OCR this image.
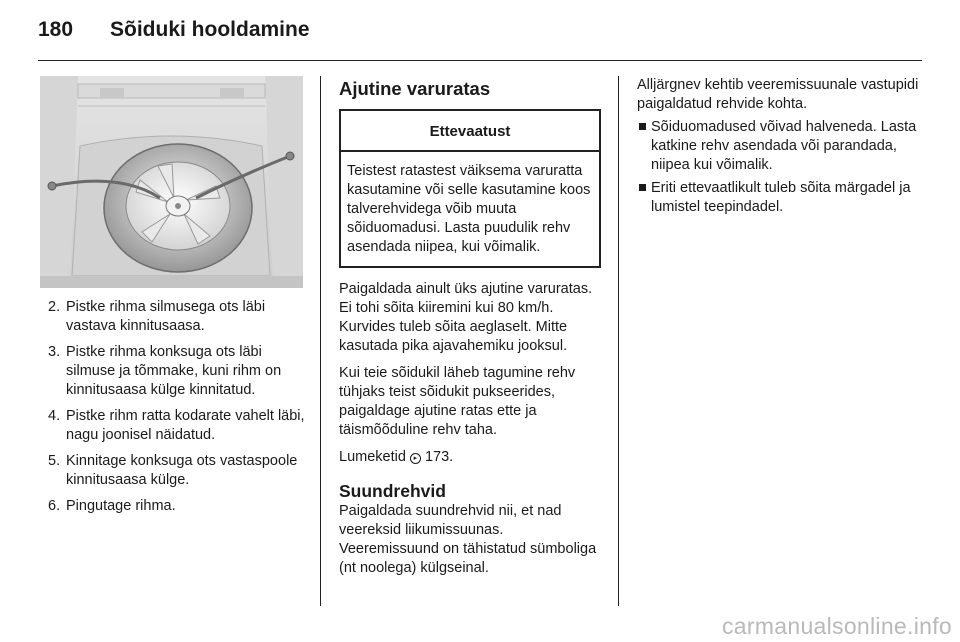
180	Sõiduki hooldamine
2. Pistke rihma silmusega ots läbi vastava kinnitusaasa.
3. Pistke rihma konksuga ots läbi silmuse ja tõmmake, kuni rihm on kinnitusaasa külge kinnitatud.
4. Pistke rihm ratta kodarate vahelt läbi, nagu joonisel näidatud.
5. Kinnitage konksuga ots vastaspoole kinnitusaasa külge.
6. Pingutage rihma.
Ajutine varuratas
Ettevaatust
Teistest ratastest väiksema varuratta kasutamine või selle kasutamine koos talverehvidega võib muuta sõiduomadusi. Lasta puudulik rehv asendada niipea, kui võimalik.

Paigaldada ainult üks ajutine varuratas. Ei tohi sõita kiiremini kui 80 km/h. Kurvides tuleb sõita aeglaselt. Mitte kasutada pika ajavahemiku jooksul.

Kui teie sõidukil läheb tagumine rehv tühjaks teist sõidukit pukseerides, paigaldage ajutine ratas ette ja täismõõduline rehv taha.

Lumeketid ▸ 173.

Suundrehvid

Paigaldada suundrehvid nii, et nad veereksid liikumissuunas.

Veeremissuund on tähistatud sümboliga (nt noolega) külgseinal.

Alljärgnev kehtib veeremissuunale vastupidi paigaldatud rehvide kohta.

Sõiduomadused võivad halveneda. Lasta katkine rehv asendada või parandada, niipea kui võimalik.
Eriti ettevaatlikult tuleb sõita märgadel ja lumistel teepindadel.
carmanualsonline.info
